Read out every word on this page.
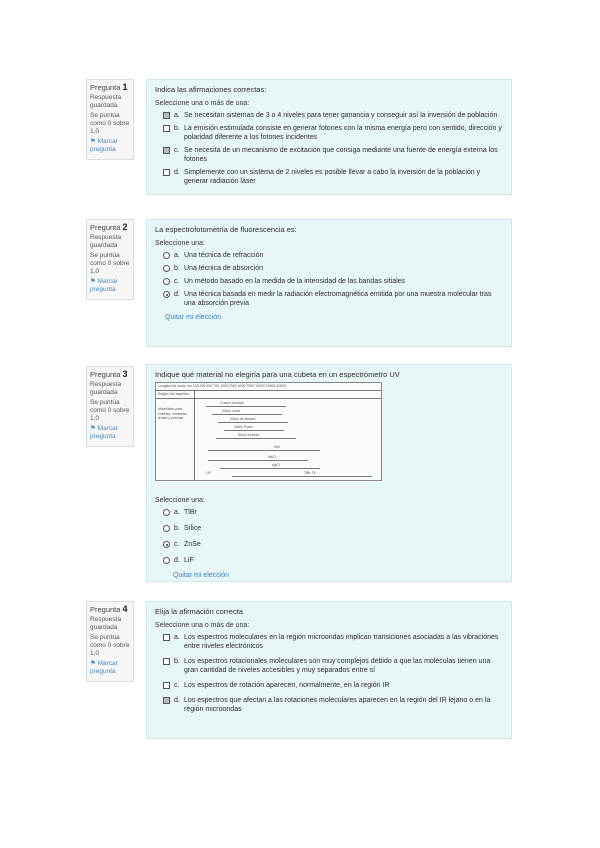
Pregunta 1
Respuesta guardada
Se puntúa como 0 sobre 1,0
⚑ Marcar pregunta
Indica las afirmaciones correctas:
Seleccione una o más de una:
a. Se necesitan sistemas de 3 o 4 niveles para tener ganancia y conseguir así la inversión de población
b. La emisión estimulada consiste en generar fotones con la misma energía pero con sentido, dirección y polaridad diferente a los fotones incidentes
c. Se necesita de un mecanismo de excitación que consiga mediante una fuente de energía externa los fotones
d. Simplemente con un sistema de 2 niveles es posible llevar a cabo la inversión de la población y generar radiación láser
Pregunta 2
Respuesta guardada
Se puntúa como 0 sobre 1,0
⚑ Marcar pregunta
La espectrofotometría de fluorescencia es:
Seleccione una:
a. Una técnica de refracción
b. Una técnica de absorción
c. Un método basado en la medida de la intensidad de las bandas sitiales
d. Una técnica basada en medir la radiación electromagnética emitida por una muestra molecular tras una absorción previa
Quitar mi elección
Pregunta 3
Respuesta guardada
Se puntúa como 0 sobre 1,0
⚑ Marcar pregunta
Indique qué material no elegiría para una cubeta en un espectrómetro UV
Longitud de onda, nm 100 200 400 700 1000 2000 4000 7000 10000 20000 40000
Región del espectro
Materiales para cubetas, ventanas, lentes y prismas
Cuarzo fundido
Vidrio corex
Vidrio de silicato
Vidrio Pyrex
Sílice fundida
KBr
NaCl
AgCl
TlBr-TlI
LiF
Seleccione una:
a. TlBr
b. Sílice
c. ZnSe
d. LiF
Quitar mi elección
Pregunta 4
Respuesta guardada
Se puntúa como 0 sobre 1,0
⚑ Marcar pregunta
Elija la afirmación correcta
Seleccione una o más de una:
a. Los espectros moleculares en la región microondas implican transiciones asociadas a las vibraciones entre niveles electrónicos
b. Los espectros rotacionales moleculares son muy complejos debido a que las moléculas tienen una gran cantidad de niveles accesibles y muy separados entre sí
c. Los espectros de rotación aparecen, normalmente, en la región IR
d. Los espectros que afectan a las rotaciones moleculares aparecen en la región del IR lejano o en la región microondas
